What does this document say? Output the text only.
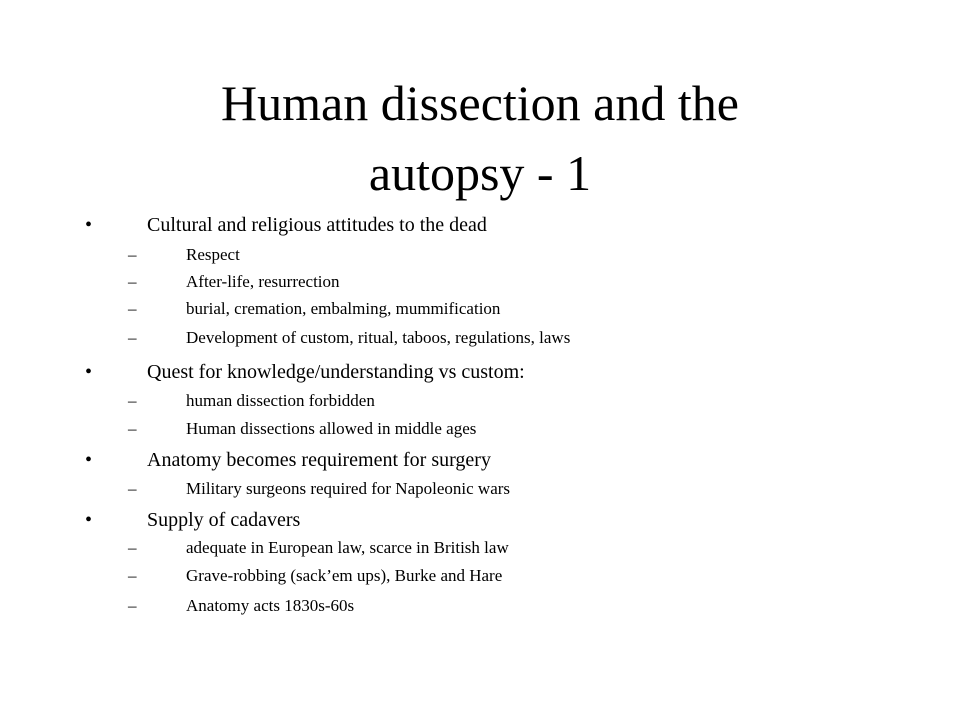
Human dissection and the
autopsy - 1
•	Cultural and religious attitudes to the dead
–	Respect
–	After-life, resurrection
–	burial, cremation, embalming, mummification
–	Development of custom, ritual, taboos, regulations, laws
•	Quest for knowledge/understanding vs custom:
–	human dissection forbidden
–	Human dissections allowed in middle ages
•	Anatomy becomes requirement for surgery
–	Military surgeons required for Napoleonic wars
•	Supply of cadavers
–	adequate in European law, scarce in British law
–	Grave-robbing (sack’em ups), Burke and Hare
–	Anatomy acts 1830s-60s
